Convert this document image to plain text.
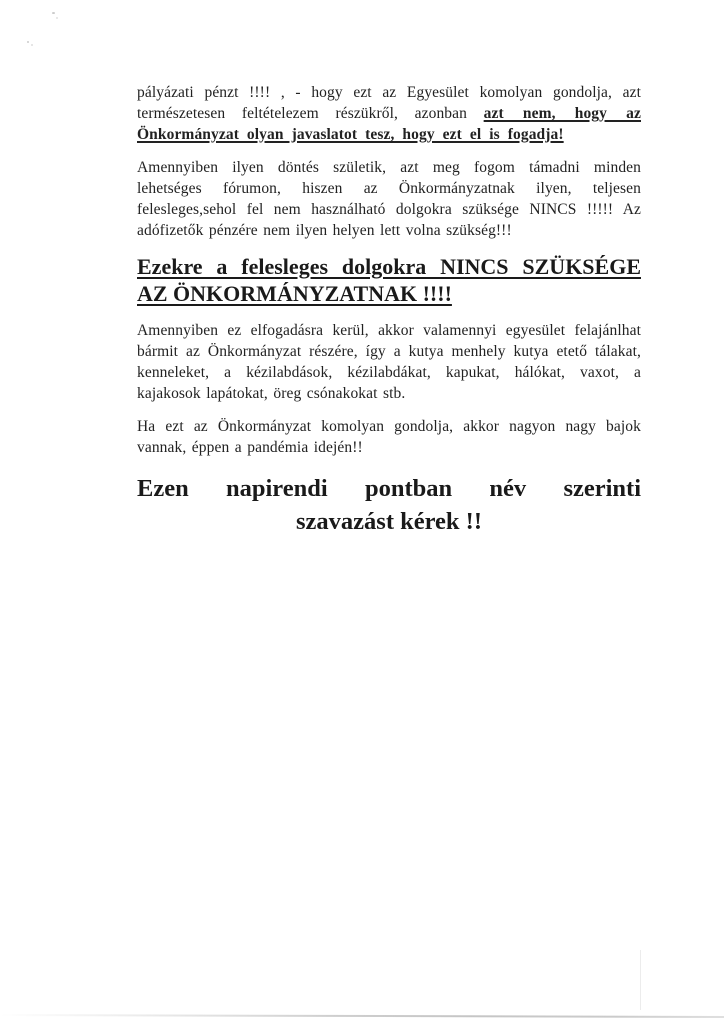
pályázati pénzt !!!! , - hogy ezt az Egyesület komolyan gondolja, azt természetesen feltételezem részükről, azonban azt nem, hogy az Önkormányzat olyan javaslatot tesz, hogy ezt el is fogadja!

Amennyiben ilyen döntés születik, azt meg fogom támadni minden lehetséges fórumon, hiszen az Önkormányzatnak ilyen, teljesen felesleges,sehol fel nem használható dolgokra szüksége NINCS !!!!! Az adófizetők pénzére nem ilyen helyen lett volna szükség!!!

Ezekre a felesleges dolgokra NINCS SZÜKSÉGE
AZ ÖNKORMÁNYZATNAK !!!!

Amennyiben ez elfogadásra kerül, akkor valamennyi egyesület felajánlhat bármit az Önkormányzat részére, így a kutya menhely kutya etető tálakat, kenneleket, a kézilabdások, kézilabdákat, kapukat, hálókat, vaxot, a kajakosok lapátokat, öreg csónakokat stb.

Ha ezt az Önkormányzat komolyan gondolja, akkor nagyon nagy bajok vannak, éppen a pandémia idején!!

Ezen napirendi pontban név szerinti
szavazást kérek !!
